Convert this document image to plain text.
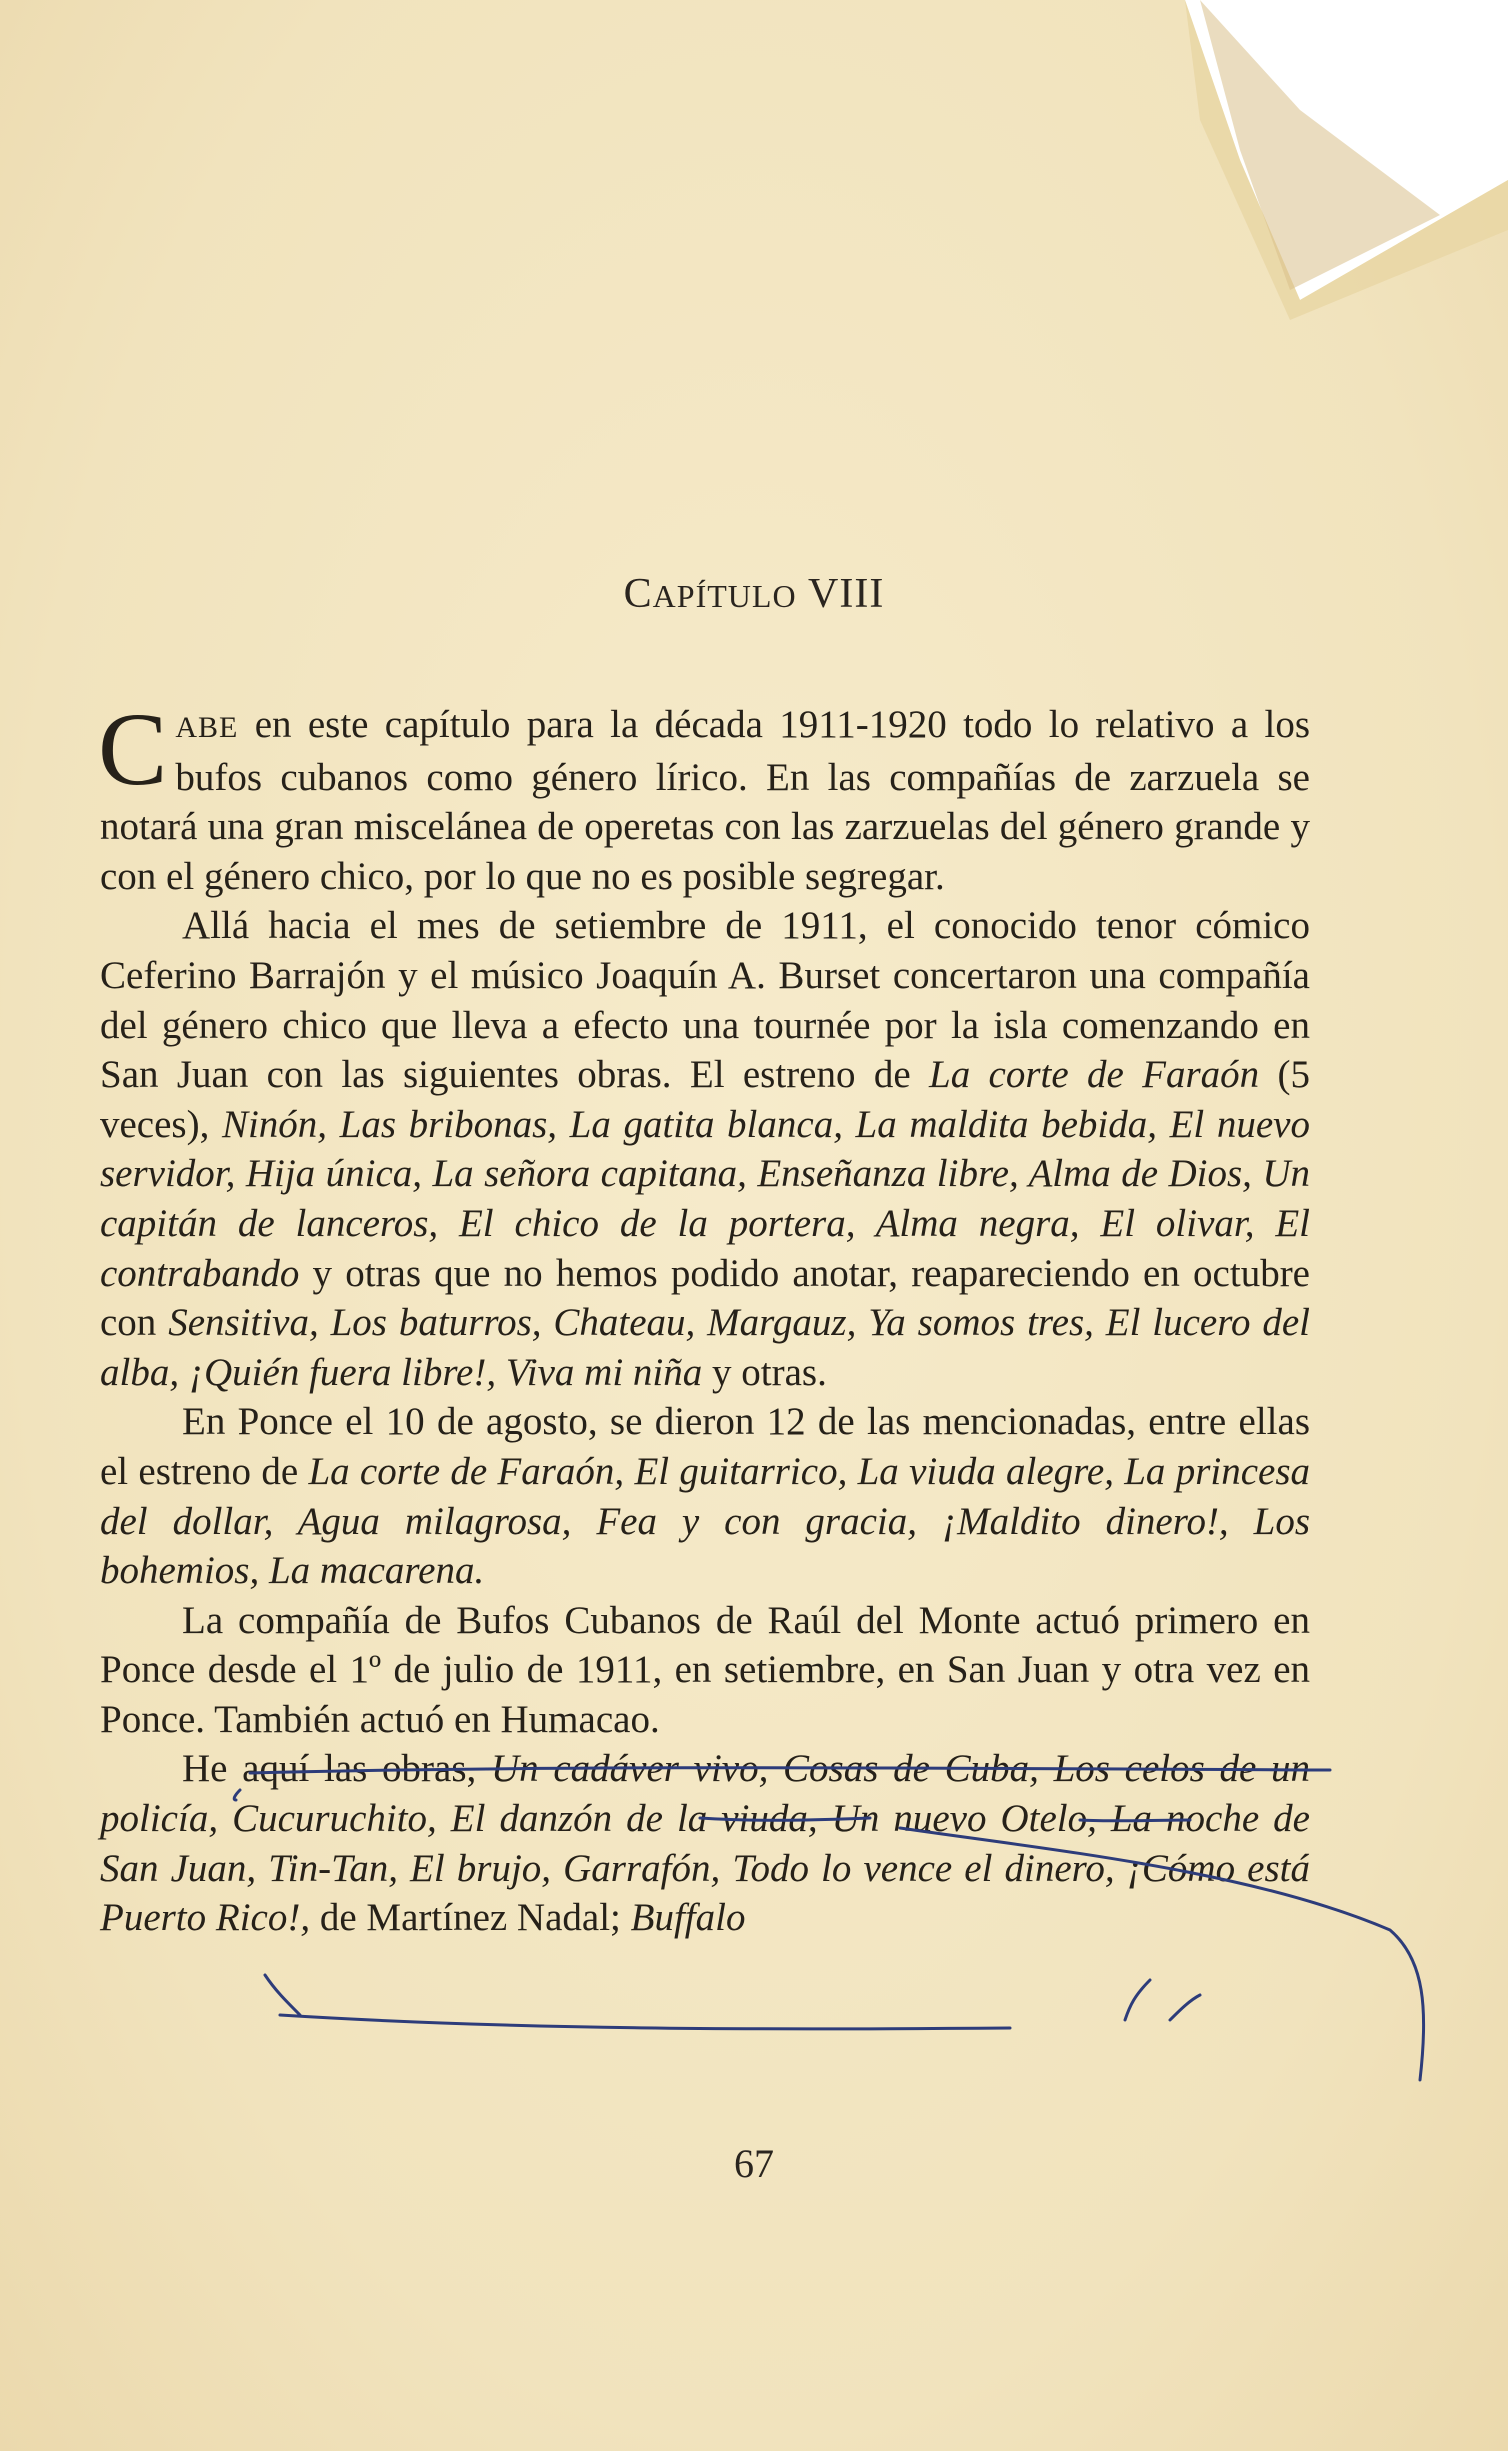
CAPÍTULO VIII

CABE en este capítulo para la década 1911-1920 todo lo relativo a los bufos cubanos como género lírico. En las compañías de zarzuela se notará una gran miscelánea de operetas con las zarzuelas del género grande y con el género chico, por lo que no es posible segregar.

Allá hacia el mes de setiembre de 1911, el conocido tenor cómico Ceferino Barrajón y el músico Joaquín A. Burset concertaron una compañía del género chico que lleva a efecto una tournée por la isla comenzando en San Juan con las siguientes obras. El estreno de La corte de Faraón (5 veces), Ninón, Las bribonas, La gatita blanca, La maldita bebida, El nuevo servidor, Hija única, La señora capitana, Enseñanza libre, Alma de Dios, Un capitán de lanceros, El chico de la portera, Alma negra, El olivar, El contrabando y otras que no hemos podido anotar, reapareciendo en octubre con Sensitiva, Los baturros, Chateau, Margauz, Ya somos tres, El lucero del alba, ¡Quién fuera libre!, Viva mi niña y otras.

En Ponce el 10 de agosto, se dieron 12 de las mencionadas, entre ellas el estreno de La corte de Faraón, El guitarrico, La viuda alegre, La princesa del dollar, Agua milagrosa, Fea y con gracia, ¡Maldito dinero!, Los bohemios, La macarena.

La compañía de Bufos Cubanos de Raúl del Monte actuó primero en Ponce desde el 1º de julio de 1911, en setiembre, en San Juan y otra vez en Ponce. También actuó en Humacao.

He aquí las obras, Un cadáver vivo, Cosas de Cuba, Los celos de un policía, Cucuruchito, El danzón de la viuda, Un nuevo Otelo, La noche de San Juan, Tin-Tan, El brujo, Garrafón, Todo lo vence el dinero, ¡Cómo está Puerto Rico!, de Martínez Nadal; Buffalo

67
